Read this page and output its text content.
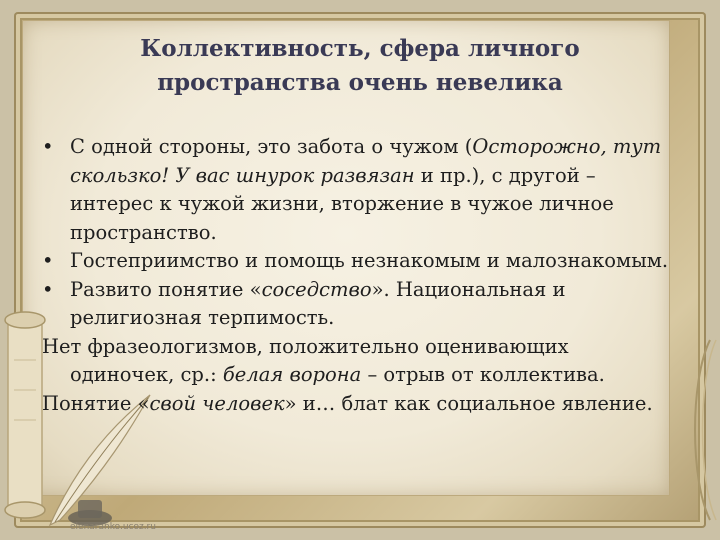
Коллективность, сфера личного
пространства очень невелика
• С одной стороны, это забота о чужом (Осторожно, тут скользко! У вас шнурок развязан и пр.), с другой – интерес к чужой жизни, вторжение в чужое личное пространство.
• Гостеприимство и помощь незнакомым и малознакомым.
• Развито понятие «соседство». Национальная и религиозная терпимость.
Нет фразеологизмов, положительно оценивающих одиночек, ср.: белая ворона – отрыв от коллектива.
Понятие «свой человек» и… блат как социальное явление.
elenaranko.ucoz.ru
